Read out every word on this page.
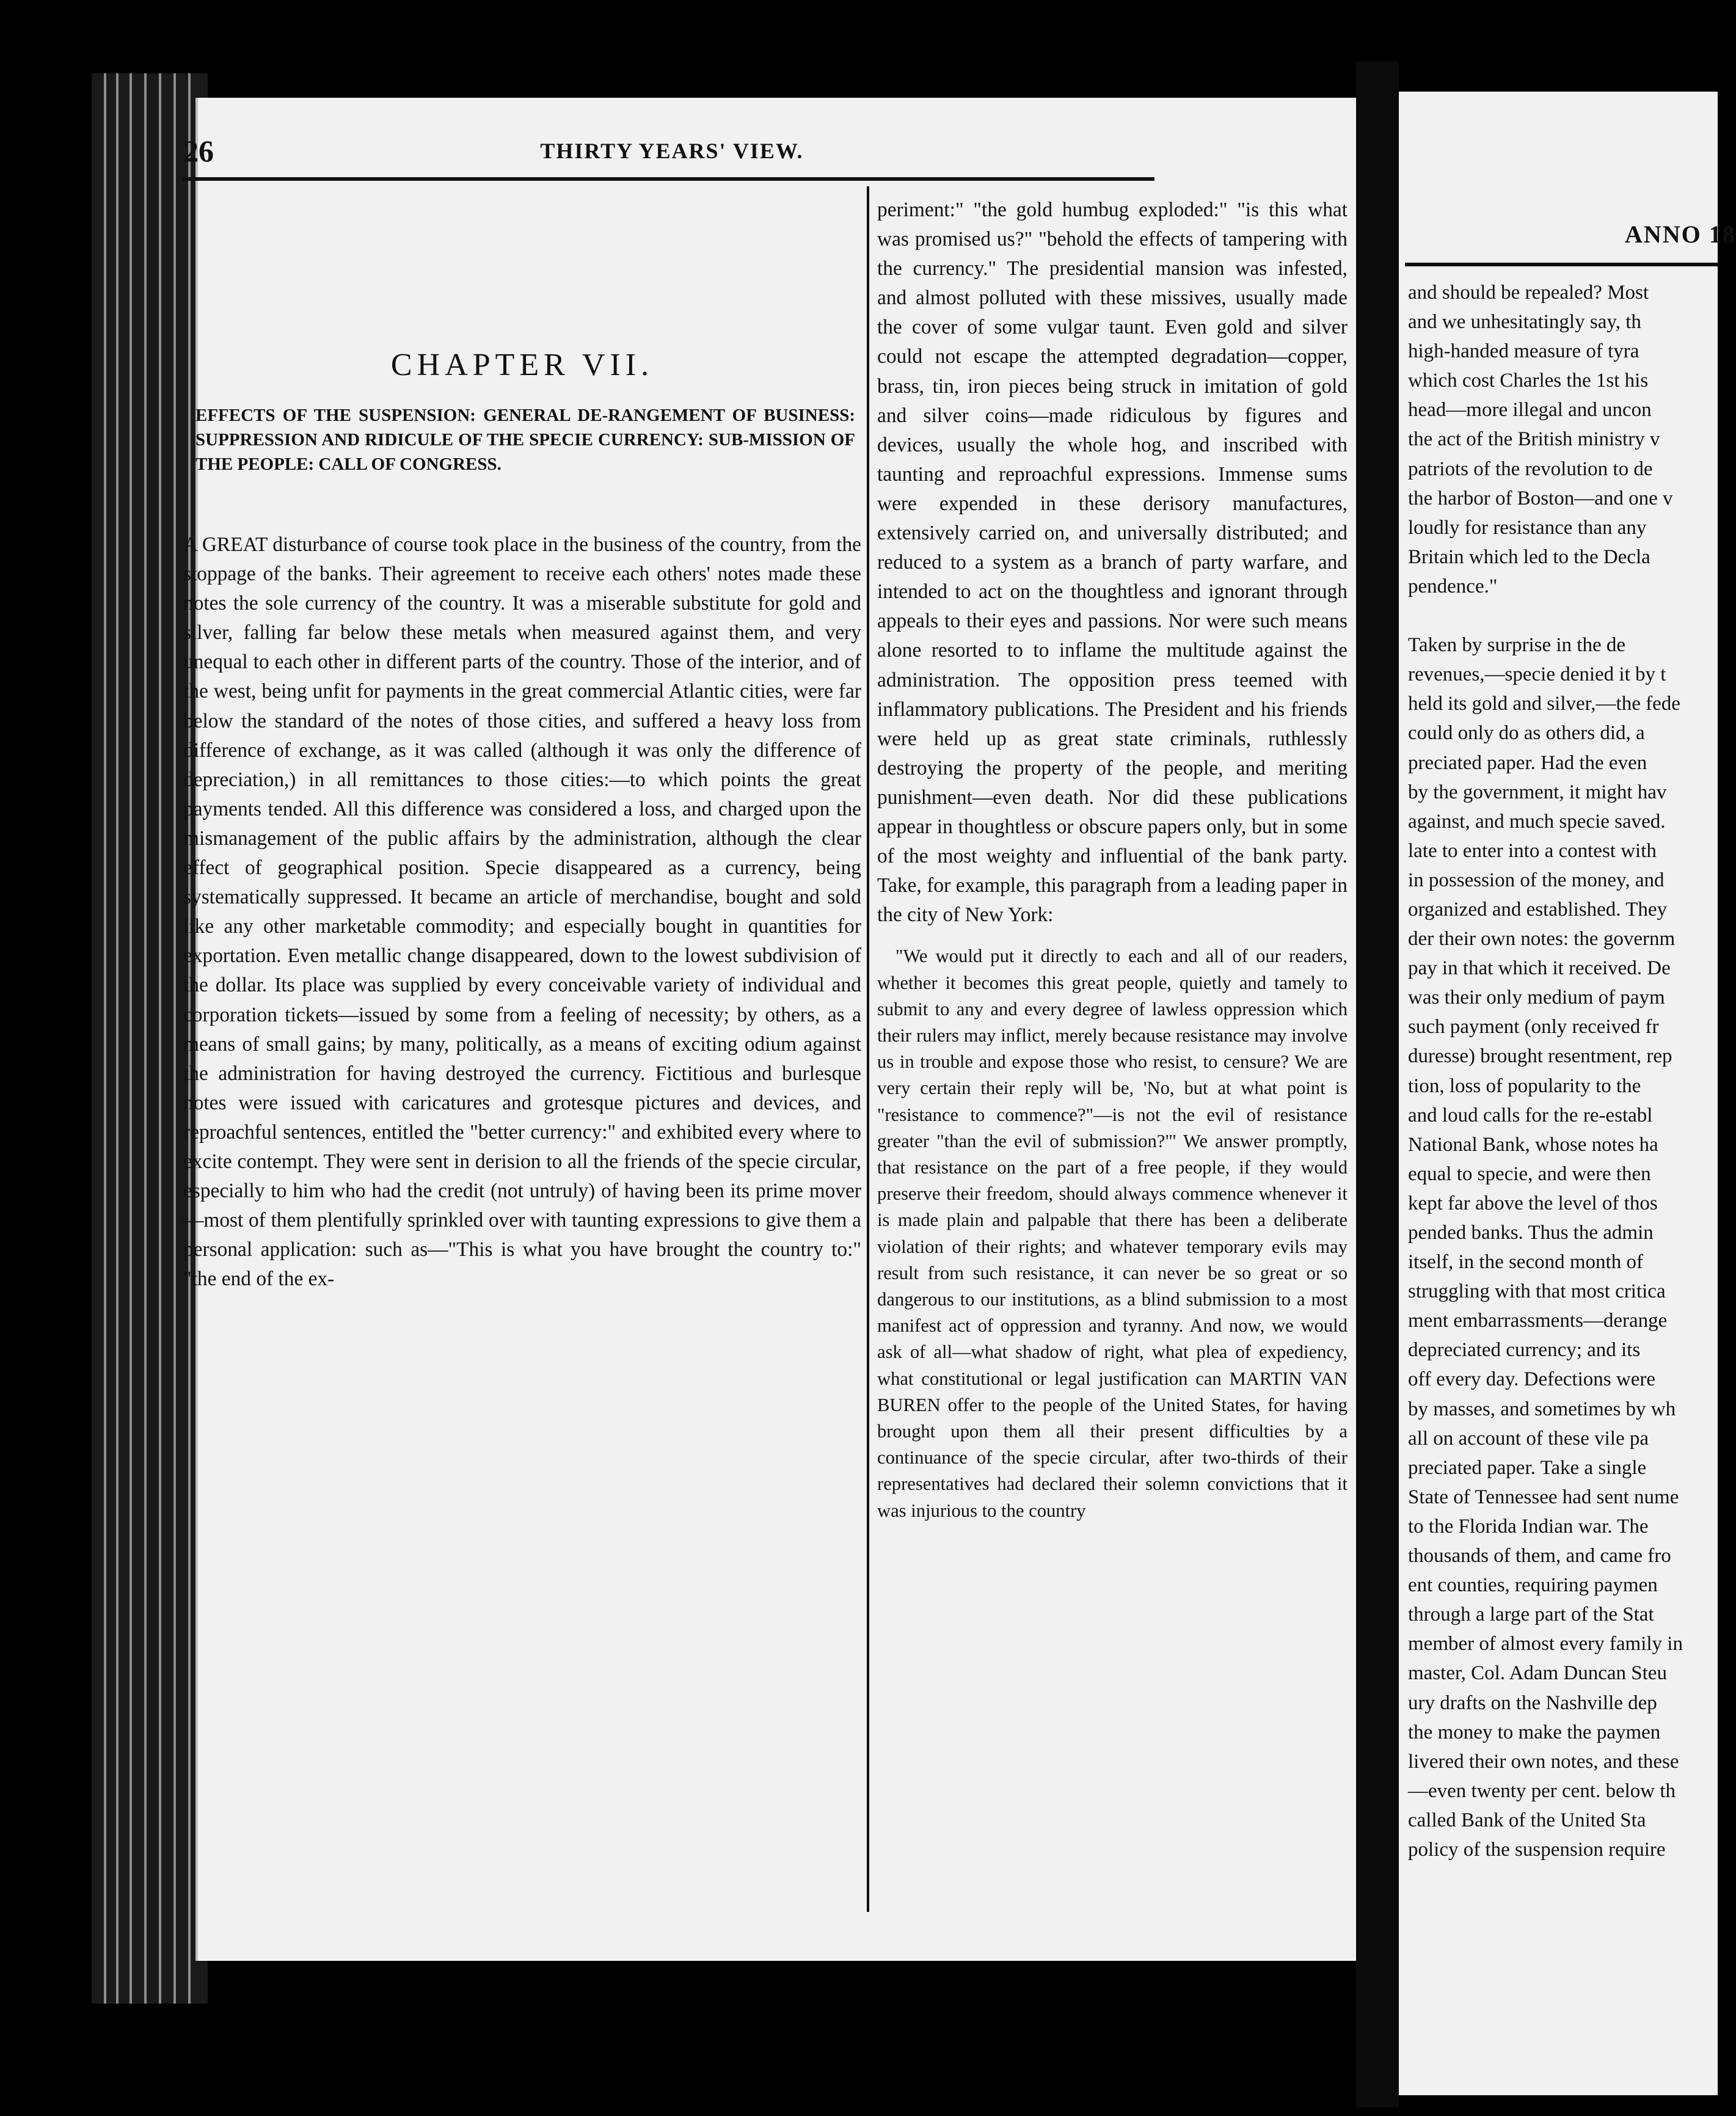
26	THIRTY YEARS' VIEW.
CHAPTER VII.
EFFECTS OF THE SUSPENSION: GENERAL DE-RANGEMENT OF BUSINESS: SUPPRESSION AND RIDICULE OF THE SPECIE CURRENCY: SUB-MISSION OF THE PEOPLE: CALL OF CONGRESS.

A GREAT disturbance of course took place in the business of the country, from the stoppage of the banks. Their agreement to receive each others' notes made these notes the sole currency of the country. It was a miserable substitute for gold and silver, falling far below these metals when measured against them, and very unequal to each other in different parts of the country. Those of the interior, and of the west, being unfit for payments in the great commercial Atlantic cities, were far below the standard of the notes of those cities, and suffered a heavy loss from difference of exchange, as it was called (although it was only the difference of depreciation,) in all remittances to those cities:—to which points the great payments tended. All this difference was considered a loss, and charged upon the mismanagement of the public affairs by the administration, although the clear effect of geographical position. Specie disappeared as a currency, being systematically suppressed. It became an article of merchandise, bought and sold like any other marketable commodity; and especially bought in quantities for exportation. Even metallic change disappeared, down to the lowest subdivision of the dollar. Its place was supplied by every conceivable variety of individual and corporation tickets—issued by some from a feeling of necessity; by others, as a means of small gains; by many, politically, as a means of exciting odium against the administration for having destroyed the currency. Fictitious and burlesque notes were issued with caricatures and grotesque pictures and devices, and reproachful sentences, entitled the "better currency:" and exhibited every where to excite contempt. They were sent in derision to all the friends of the specie circular, especially to him who had the credit (not untruly) of having been its prime mover—most of them plentifully sprinkled over with taunting expressions to give them a personal application: such as—"This is what you have brought the country to:" "the end of the ex-

periment:" "the gold humbug exploded:" "is this what was promised us?" "behold the effects of tampering with the currency." The presidential mansion was infested, and almost polluted with these missives, usually made the cover of some vulgar taunt. Even gold and silver could not escape the attempted degradation—copper, brass, tin, iron pieces being struck in imitation of gold and silver coins—made ridiculous by figures and devices, usually the whole hog, and inscribed with taunting and reproachful expressions. Immense sums were expended in these derisory manufactures, extensively carried on, and universally distributed; and reduced to a system as a branch of party warfare, and intended to act on the thoughtless and ignorant through appeals to their eyes and passions. Nor were such means alone resorted to to inflame the multitude against the administration. The opposition press teemed with inflammatory publications. The President and his friends were held up as great state criminals, ruthlessly destroying the property of the people, and meriting punishment—even death. Nor did these publications appear in thoughtless or obscure papers only, but in some of the most weighty and influential of the bank party. Take, for example, this paragraph from a leading paper in the city of New York:

"We would put it directly to each and all of our readers, whether it becomes this great people, quietly and tamely to submit to any and every degree of lawless oppression which their rulers may inflict, merely because resistance may involve us in trouble and expose those who resist, to censure? We are very certain their reply will be, 'No, but at what point is "resistance to commence?"—is not the evil of resistance greater "than the evil of submission?"' We answer promptly, that resistance on the part of a free people, if they would preserve their freedom, should always commence whenever it is made plain and palpable that there has been a deliberate violation of their rights; and whatever temporary evils may result from such resistance, it can never be so great or so dangerous to our institutions, as a blind submission to a most manifest act of oppression and tyranny. And now, we would ask of all—what shadow of right, what plea of expediency, what constitutional or legal justification can MARTIN VAN BUREN offer to the people of the United States, for having brought upon them all their present difficulties by a continuance of the specie circular, after two-thirds of their representatives had declared their solemn convictions that it was injurious to the country

ANNO 18
and should be repealed? Most
and we unhesitatingly say, th
high-handed measure of tyra
which cost Charles the 1st his
head—more illegal and uncon
the act of the British ministry v
patriots of the revolution to de
the harbor of Boston—and one v
loudly for resistance than any
Britain which led to the Decla
pendence."
Taken by surprise in the de
revenues,—specie denied it by t
held its gold and silver,—the fede
could only do as others did, a
preciated paper. Had the even
by the government, it might hav
against, and much specie saved.
late to enter into a contest with
in possession of the money, and
organized and established. They
der their own notes: the governm
pay in that which it received. De
was their only medium of paym
such payment (only received fr
duresse) brought resentment, rep
tion, loss of popularity to the
and loud calls for the re-establ
National Bank, whose notes ha
equal to specie, and were then
kept far above the level of thos
pended banks. Thus the admin
itself, in the second month of
struggling with that most critica
ment embarrassments—derange
depreciated currency; and its
off every day. Defections were
by masses, and sometimes by wh
all on account of these vile pa
preciated paper. Take a single
State of Tennessee had sent nume
to the Florida Indian war. The
thousands of them, and came fro
ent counties, requiring paymen
through a large part of the Stat
member of almost every family in
master, Col. Adam Duncan Steu
ury drafts on the Nashville dep
the money to make the paymen
livered their own notes, and these
—even twenty per cent. below th
called Bank of the United Sta
policy of the suspension require
